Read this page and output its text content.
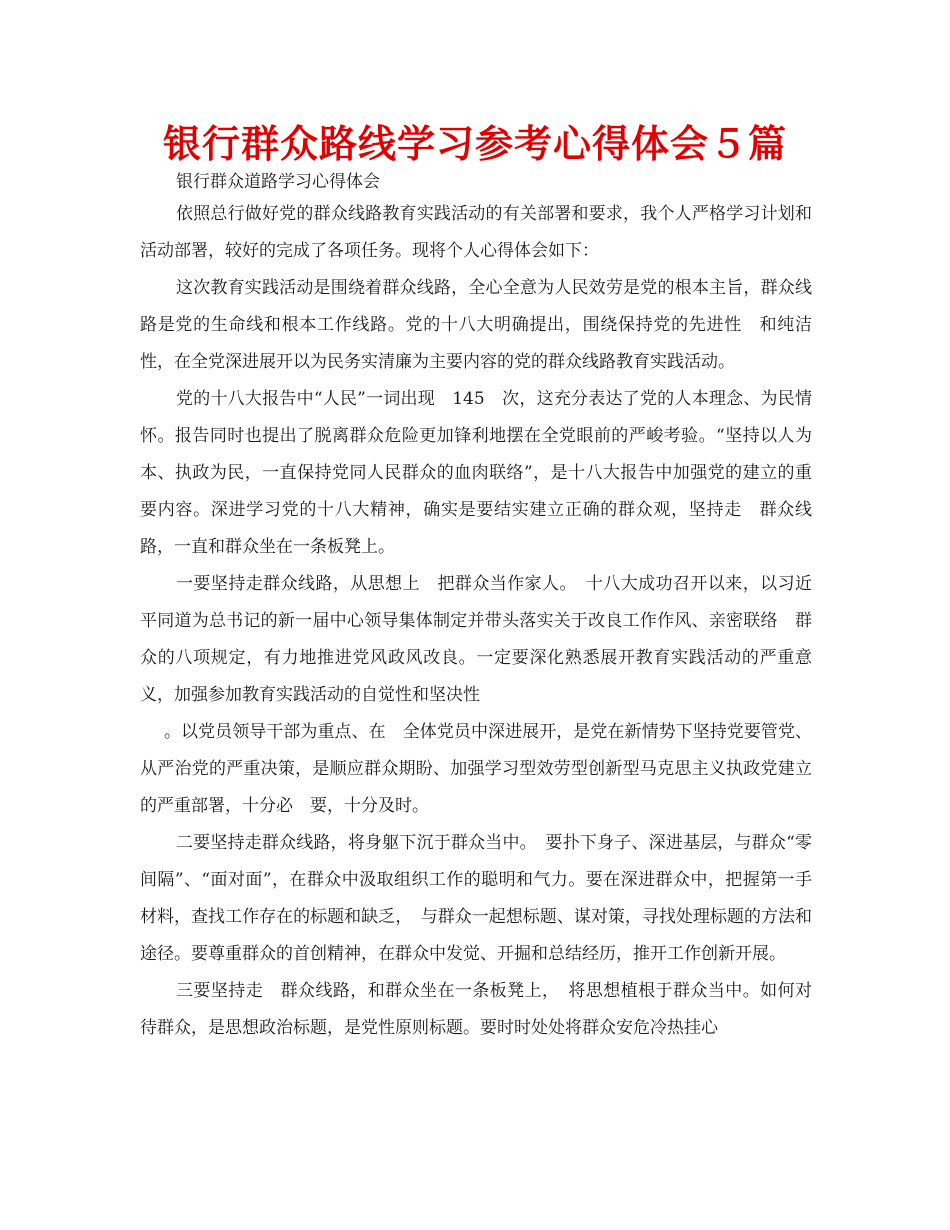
银行群众路线学习参考心得体会５篇
银行群众道路学习心得体会

依照总行做好党的群众线路教育实践活动的有关部署和要求，我个人严格学习计划和活动部署，较好的完成了各项任务。现将个人心得体会如下：

这次教育实践活动是围绕着群众线路，全心全意为人民效劳是党的根本主旨，群众线路是党的生命线和根本工作线路。党的十八大明确提出，围绕保持党的先进性　和纯洁性，在全党深进展开以为民务实清廉为主要内容的党的群众线路教育实践活动。

党的十八大报告中“人民”一词出现　145　次，这充分表达了党的人本理念、为民情怀。报告同时也提出了脱离群众危险更加锋利地摆在全党眼前的严峻考验。“坚持以人为本、执政为民，一直保持党同人民群众的血肉联络”，是十八大报告中加强党的建立的重　要内容。深进学习党的十八大精神，确实是要结实建立正确的群众观，坚持走　群众线路，一直和群众坐在一条板凳上。

一要坚持走群众线路，从思想上　把群众当作家人。　十八大成功召开以来，以习近平同道为总书记的新一届中心领导集体制定并带头落实关于改良工作作风、亲密联络　群众的八项规定，有力地推进党风政风改良。一定要深化熟悉展开教育实践活动的严重意义，加强参加教育实践活动的自觉性和坚决性

。以党员领导干部为重点、在　全体党员中深进展开，是党在新情势下坚持党要管党、从严治党的严重决策，是顺应群众期盼、加强学习型效劳型创新型马克思主义执政党建立的严重部署，十分必　要，十分及时。

二要坚持走群众线路，将身躯下沉于群众当中。　要扑下身子、深进基层，与群众“零间隔”、“面对面”，在群众中汲取组织工作的聪明和气力。要在深进群众中，把握第一手材料，查找工作存在的标题和缺乏，　与群众一起想标题、谋对策，寻找处理标题的方法和途径。要尊重群众的首创精神，在群众中发觉、开掘和总结经历，推开工作创新开展。

三要坚持走　群众线路，和群众坐在一条板凳上，　将思想植根于群众当中。如何对待群众，是思想政治标题，是党性原则标题。要时时处处将群众安危冷热挂心
